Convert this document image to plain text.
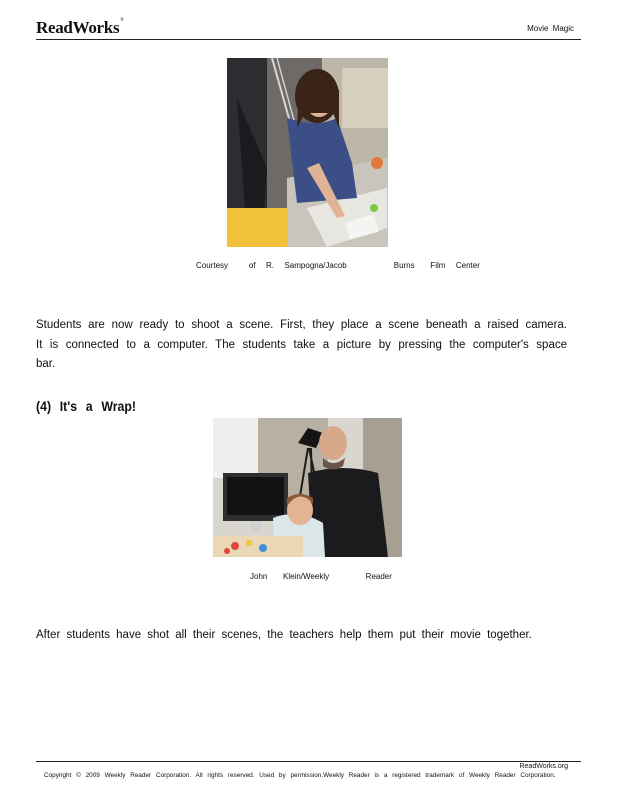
ReadWorks®
Movie Magic
Courtesy    of  R.  Sampogna/Jacob         Burns   Film  Center
Students are now ready to shoot a scene. First, they place a scene beneath a raised camera. It is connected to a computer. The students take a picture by pressing the computer's space bar.
(4) It's a Wrap!
John   Klein/Weekly       Reader
After students have shot all their scenes, the teachers help them put their movie together.
ReadWorks.org
Copyright © 2009 Weekly Reader Corporation. All rights reserved. Used by permission.Weekly Reader is a registered trademark of Weekly Reader Corporation.
